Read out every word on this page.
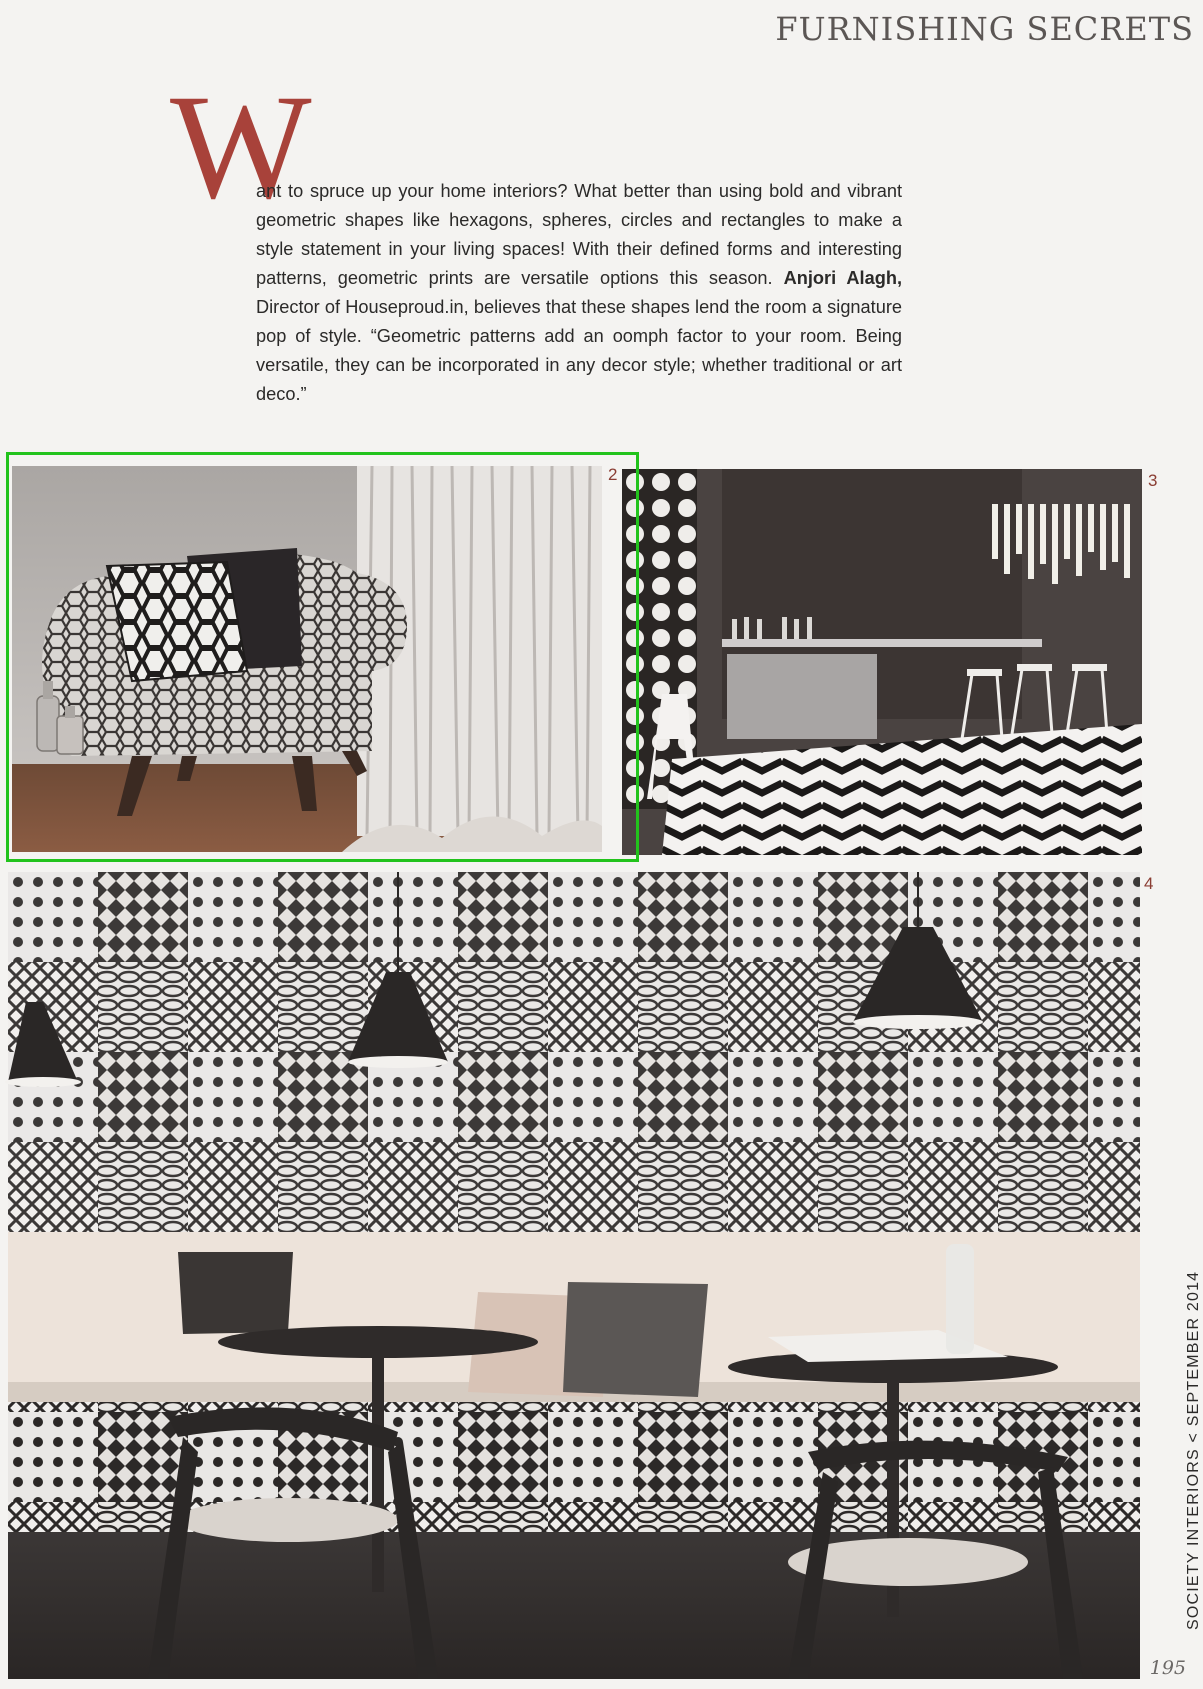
FURNISHING SECRETS
W

ant to spruce up your home interiors? What better than using bold and vibrant geometric shapes like hexagons, spheres, circles and rectangles to make a style statement in your living spaces! With their defined forms and interesting patterns, geometric prints are versatile options this season. Anjori Alagh, Director of Houseproud.in, believes that these shapes lend the room a signature pop of style. “Geometric patterns add an oomph factor to your room. Being versatile, they can be incorporated in any decor style; whether traditional or art deco.”

2	3
4
SOCIETY INTERIORS < SEPTEMBER 2014
195
